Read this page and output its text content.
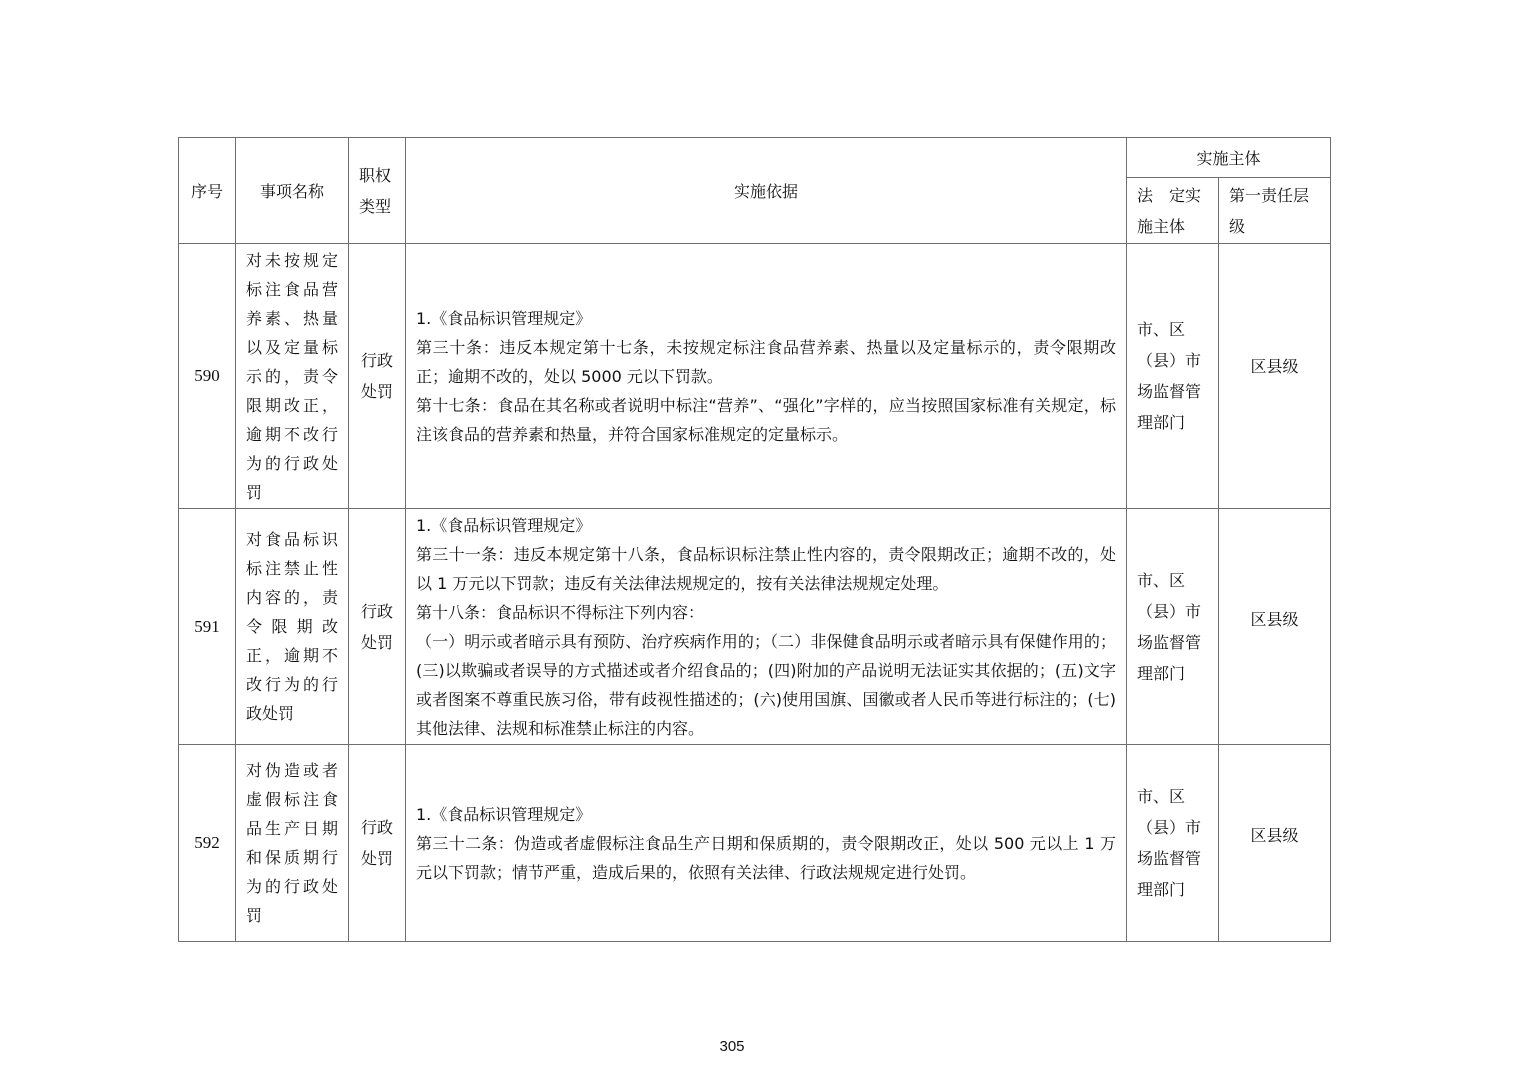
序号	事项名称	职权类型	实施依据	实施主体	
				法　定实施主体	第一责任层级
590	对未按规定标注食品营养素、热量以及定量标示的，责令限期改正，逾期不改行为的行政处罚	行政处罚	1.《食品标识管理规定》

第三十条：违反本规定第十七条，未按规定标注食品营养素、热量以及定量标示的，责令限期改正；逾期不改的，处以 5000 元以下罚款。

第十七条：食品在其名称或者说明中标注“营养”、“强化”字样的，应当按照国家标准有关规定，标注该食品的营养素和热量，并符合国家标准规定的定量标示。	市、区（县）市场监督管理部门	区县级
591	对食品标识标注禁止性内容的，责令限期改正，逾期不改行为的行政处罚	行政处罚	1.《食品标识管理规定》

第三十一条：违反本规定第十八条，食品标识标注禁止性内容的，责令限期改正；逾期不改的，处以 1 万元以下罚款；违反有关法律法规规定的，按有关法律法规规定处理。

第十八条：食品标识不得标注下列内容：

（一）明示或者暗示具有预防、治疗疾病作用的；（二）非保健食品明示或者暗示具有保健作用的；(三)以欺骗或者误导的方式描述或者介绍食品的；(四)附加的产品说明无法证实其依据的；(五)文字或者图案不尊重民族习俗，带有歧视性描述的；(六)使用国旗、国徽或者人民币等进行标注的；(七)其他法律、法规和标准禁止标注的内容。	市、区（县）市场监督管理部门	区县级
592	对伪造或者虚假标注食品生产日期和保质期行为的行政处罚	行政处罚	1.《食品标识管理规定》

第三十二条：伪造或者虚假标注食品生产日期和保质期的，责令限期改正，处以 500 元以上 1 万元以下罚款；情节严重，造成后果的，依照有关法律、行政法规规定进行处罚。	市、区（县）市场监督管理部门	区县级
305
